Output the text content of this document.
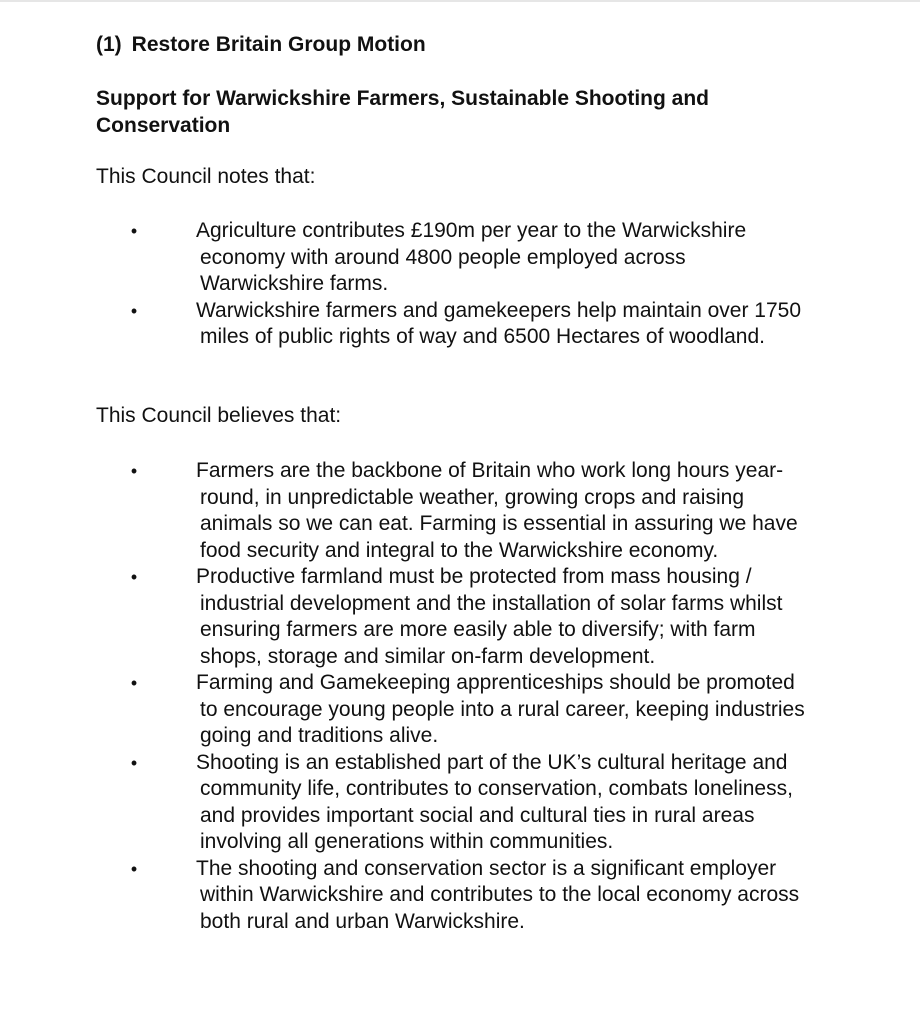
(1) Restore Britain Group Motion
Support for Warwickshire Farmers, Sustainable Shooting and Conservation

This Council notes that:

•	Agriculture contributes £190m per year to the Warwickshire economy with around 4800 people employed across Warwickshire farms.
•	Warwickshire farmers and gamekeepers help maintain over 1750 miles of public rights of way and 6500 Hectares of woodland.

This Council believes that:

•	Farmers are the backbone of Britain who work long hours year-round, in unpredictable weather, growing crops and raising animals so we can eat. Farming is essential in assuring we have food security and integral to the Warwickshire economy.
•	Productive farmland must be protected from mass housing / industrial development and the installation of solar farms whilst ensuring farmers are more easily able to diversify; with farm shops, storage and similar on-farm development.
•	Farming and Gamekeeping apprenticeships should be promoted to encourage young people into a rural career, keeping industries going and traditions alive.
•	Shooting is an established part of the UK’s cultural heritage and community life, contributes to conservation, combats loneliness, and provides important social and cultural ties in rural areas involving all generations within communities.
•	The shooting and conservation sector is a significant employer within Warwickshire and contributes to the local economy across both rural and urban Warwickshire.
